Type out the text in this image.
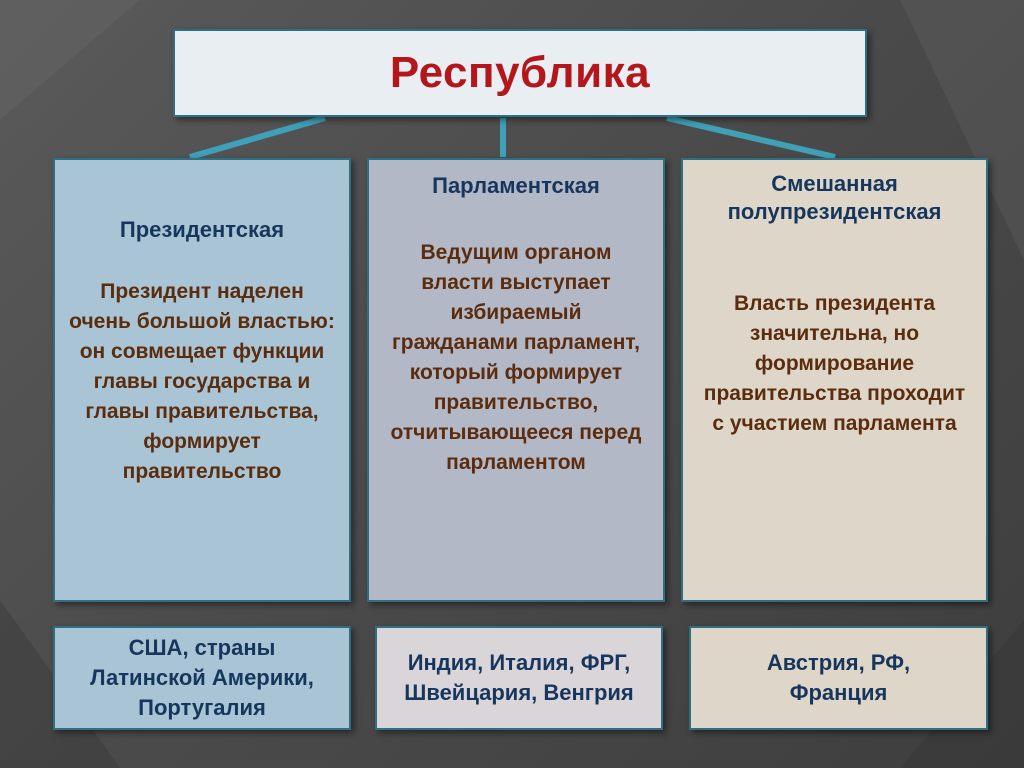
Республика
Президентская
Президент наделен очень большой властью: он совмещает функции главы государства и главы правительства, формирует правительство
Парламентская
Ведущим органом власти выступает избираемый гражданами парламент, который формирует правительство, отчитывающееся перед парламентом
Смешанная полупрезидентская
Власть президента значительна, но формирование правительства проходит с участием парламента
США, страны Латинской Америки, Португалия
Индия, Италия, ФРГ, Швейцария, Венгрия
Австрия, РФ, Франция
